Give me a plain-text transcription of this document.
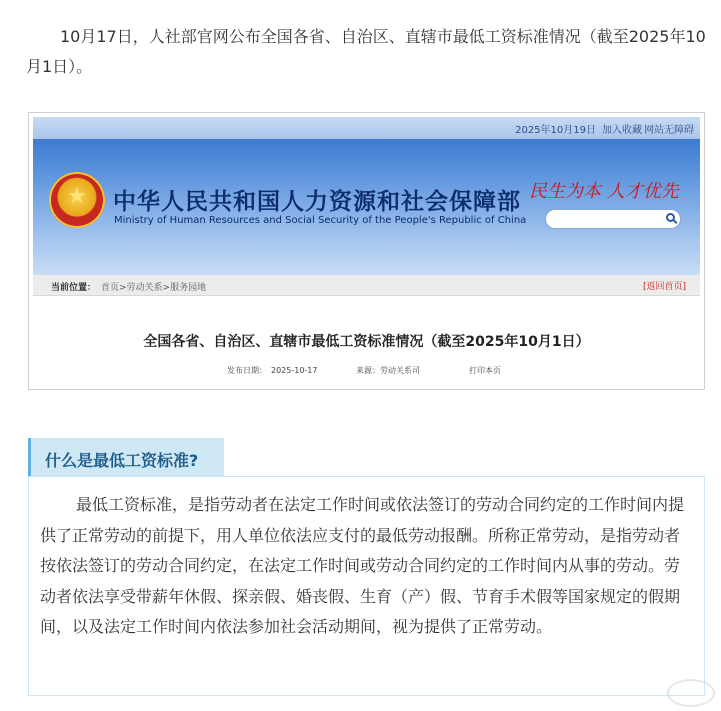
10月17日，人社部官网公布全国各省、自治区、直辖市最低工资标准情况（截至2025年10月1日）。

2025年10月19日 加入收藏 网站无障碍
★	中华人民共和国人力资源和社会保障部
Ministry of Human Resources and Social Security of the People's Republic of China
民生为本 人才优先
当前位置： 首页>劳动关系>服务园地	[返回首页]
全国各省、自治区、直辖市最低工资标准情况（截至2025年10月1日）
发布日期：　2025-10-17	来源：劳动关系司	打印本页
什么是最低工资标准?

最低工资标准，是指劳动者在法定工作时间或依法签订的劳动合同约定的工作时间内提供了正常劳动的前提下，用人单位依法应支付的最低劳动报酬。所称正常劳动，是指劳动者按依法签订的劳动合同约定，在法定工作时间或劳动合同约定的工作时间内从事的劳动。劳动者依法享受带薪年休假、探亲假、婚丧假、生育（产）假、节育手术假等国家规定的假期间，以及法定工作时间内依法参加社会活动期间，视为提供了正常劳动。
